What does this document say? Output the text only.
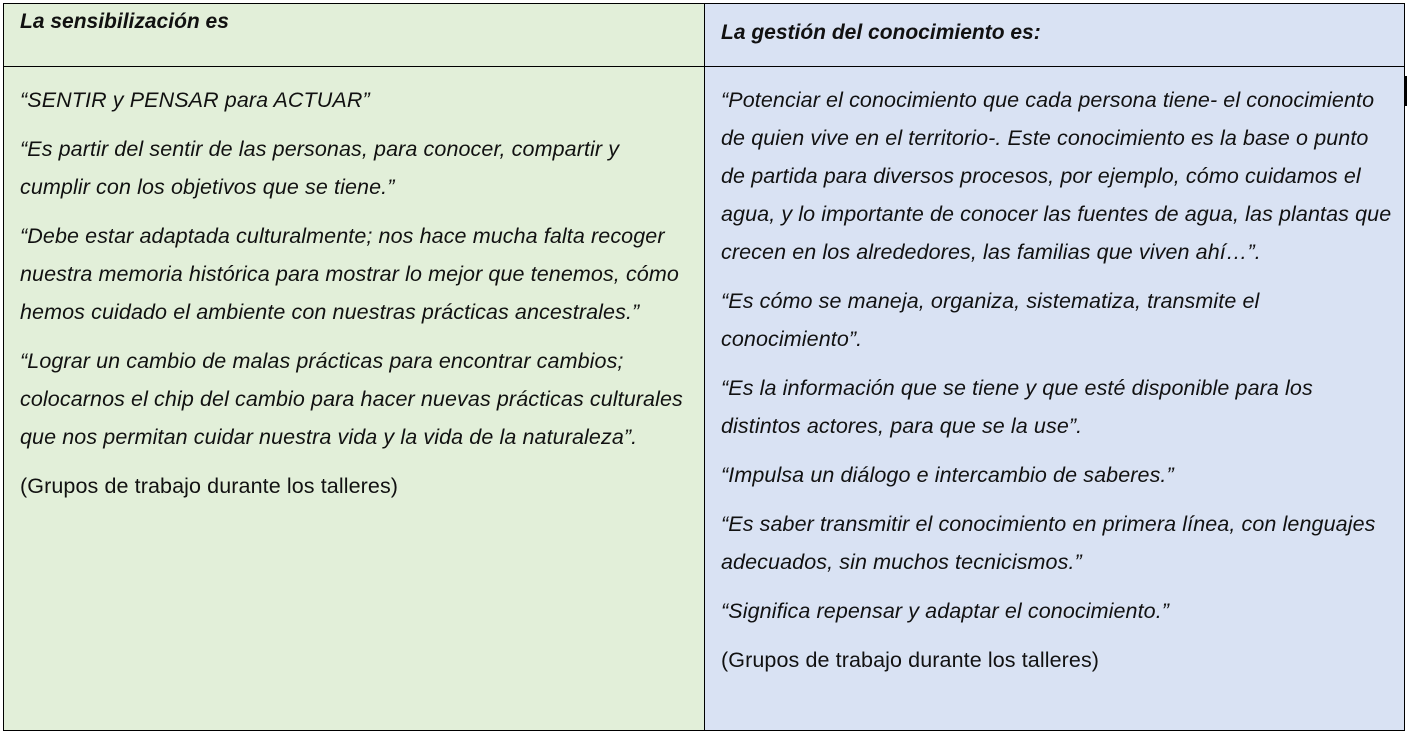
La sensibilización es	La gestión del conocimiento es:

“SENTIR y PENSAR para ACTUAR”

“Es partir del sentir de las personas, para conocer, compartir y cumplir con los objetivos que se tiene.”

“Debe estar adaptada culturalmente; nos hace mucha falta recoger nuestra memoria histórica para mostrar lo mejor que tenemos, cómo hemos cuidado el ambiente con nuestras prácticas ancestrales.”

“Lograr un cambio de malas prácticas para encontrar cambios; colocarnos el chip del cambio para hacer nuevas prácticas culturales que nos permitan cuidar nuestra vida y la vida de la naturaleza”.

(Grupos de trabajo durante los talleres)

“Potenciar el conocimiento que cada persona tiene- el conocimiento de quien vive en el territorio-. Este conocimiento es la base o punto de partida para diversos procesos, por ejemplo, cómo cuidamos el agua, y lo importante de conocer las fuentes de agua, las plantas que crecen en los alrededores, las familias que viven ahí…”.

“Es cómo se maneja, organiza, sistematiza, transmite el conocimiento”.

“Es la información que se tiene y que esté disponible para los distintos actores, para que se la use”.

“Impulsa un diálogo e intercambio de saberes.”

“Es saber transmitir el conocimiento en primera línea, con lenguajes adecuados, sin muchos tecnicismos.”

“Significa repensar y adaptar el conocimiento.”

(Grupos de trabajo durante los talleres)
